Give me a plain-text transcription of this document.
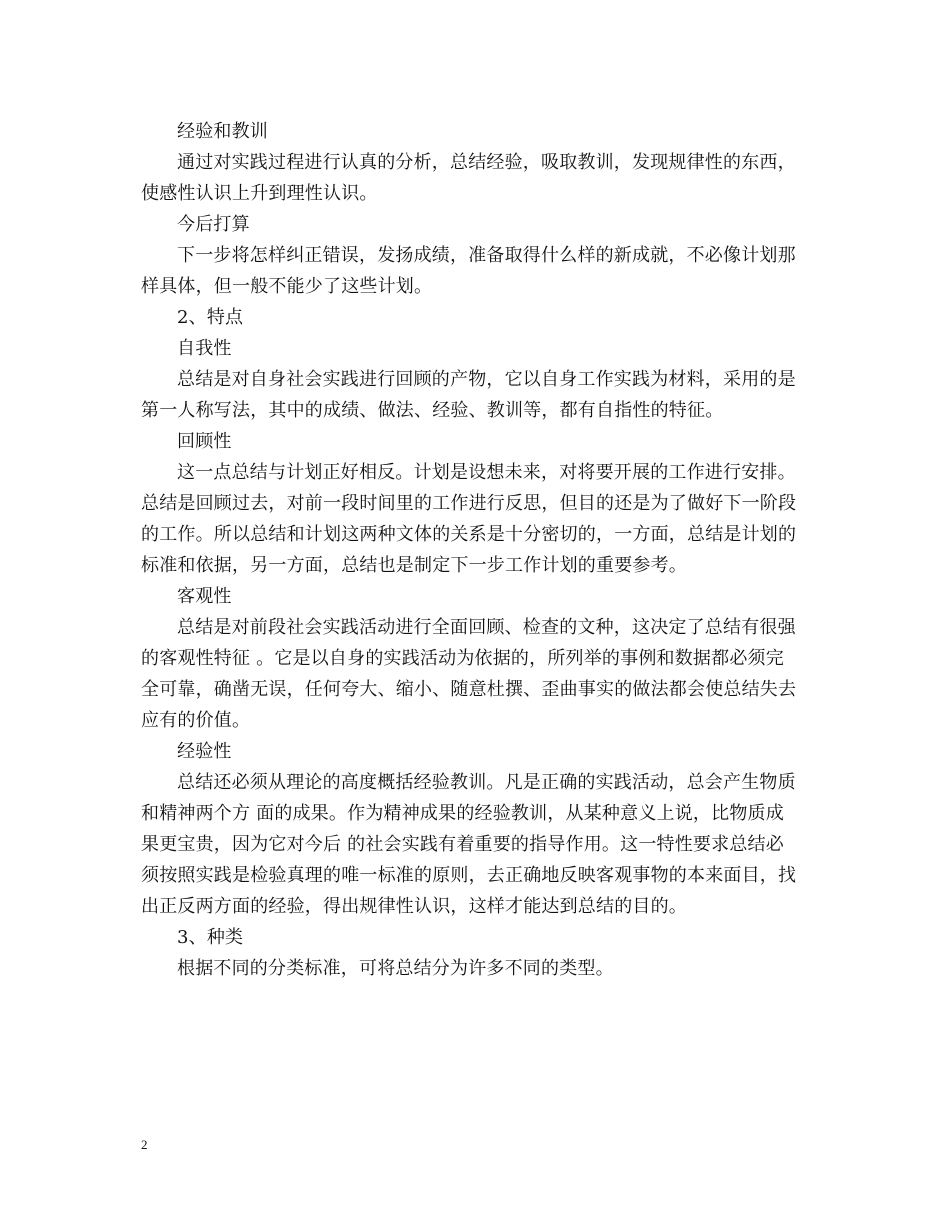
经验和教训

通过对实践过程进行认真的分析，总结经验，吸取教训，发现规律性的东西，

使感性认识上升到理性认识。

今后打算

下一步将怎样纠正错误，发扬成绩，准备取得什么样的新成就，不必像计划那

样具体，但一般不能少了这些计划。

2、特点

自我性

总结是对自身社会实践进行回顾的产物，它以自身工作实践为材料，采用的是

第一人称写法，其中的成绩、做法、经验、教训等，都有自指性的特征。

回顾性

这一点总结与计划正好相反。计划是设想未来，对将要开展的工作进行安排。

总结是回顾过去，对前一段时间里的工作进行反思，但目的还是为了做好下一阶段

的工作。所以总结和计划这两种文体的关系是十分密切的，一方面，总结是计划的

标准和依据，另一方面，总结也是制定下一步工作计划的重要参考。

客观性

总结是对前段社会实践活动进行全面回顾、检查的文种，这决定了总结有很强

的客观性特征 。它是以自身的实践活动为依据的，所列举的事例和数据都必须完

全可靠，确凿无误，任何夸大、缩小、随意杜撰、歪曲事实的做法都会使总结失去

应有的价值。

经验性

总结还必须从理论的高度概括经验教训。凡是正确的实践活动，总会产生物质

和精神两个方 面的成果。作为精神成果的经验教训，从某种意义上说，比物质成

果更宝贵，因为它对今后 的社会实践有着重要的指导作用。这一特性要求总结必

须按照实践是检验真理的唯一标准的原则，去正确地反映客观事物的本来面目，找

出正反两方面的经验，得出规律性认识，这样才能达到总结的目的。

3、种类

根据不同的分类标准，可将总结分为许多不同的类型。

2
